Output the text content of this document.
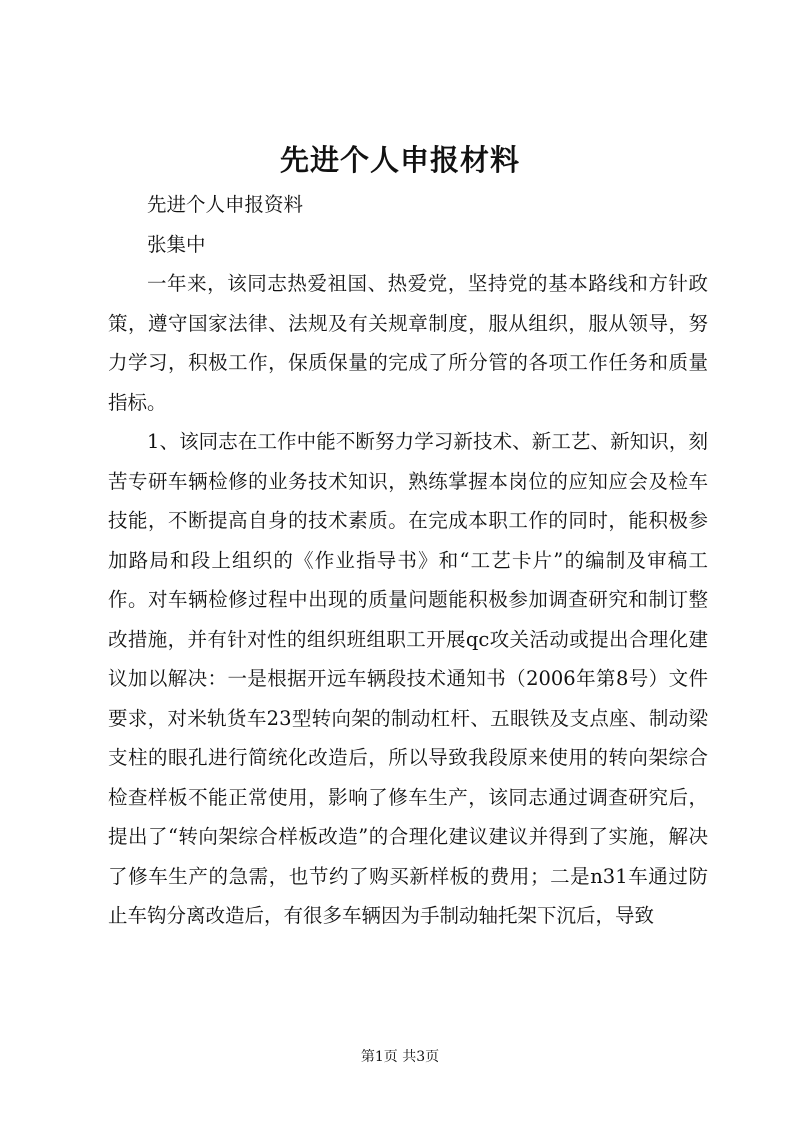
先进个人申报材料

先进个人申报资料

张集中

一年来，该同志热爱祖国、热爱党，坚持党的基本路线和方针政策，遵守国家法律、法规及有关规章制度，服从组织，服从领导，努力学习，积极工作，保质保量的完成了所分管的各项工作任务和质量指标。

1、该同志在工作中能不断努力学习新技术、新工艺、新知识，刻苦专研车辆检修的业务技术知识，熟练掌握本岗位的应知应会及检车技能，不断提高自身的技术素质。在完成本职工作的同时，能积极参加路局和段上组织的《作业指导书》和“工艺卡片”的编制及审稿工作。对车辆检修过程中出现的质量问题能积极参加调查研究和制订整改措施，并有针对性的组织班组职工开展qc攻关活动或提出合理化建议加以解决：一是根据开远车辆段技术通知书（2006年第8号）文件要求，对米轨货车23型转向架的制动杠杆、五眼铁及支点座、制动梁支柱的眼孔进行简统化改造后，所以导致我段原来使用的转向架综合检查样板不能正常使用，影响了修车生产，该同志通过调查研究后，提出了“转向架综合样板改造”的合理化建议建议并得到了实施，解决了修车生产的急需，也节约了购买新样板的费用；二是n31车通过防止车钩分离改造后，有很多车辆因为手制动轴托架下沉后，导致

第1页 共3页
